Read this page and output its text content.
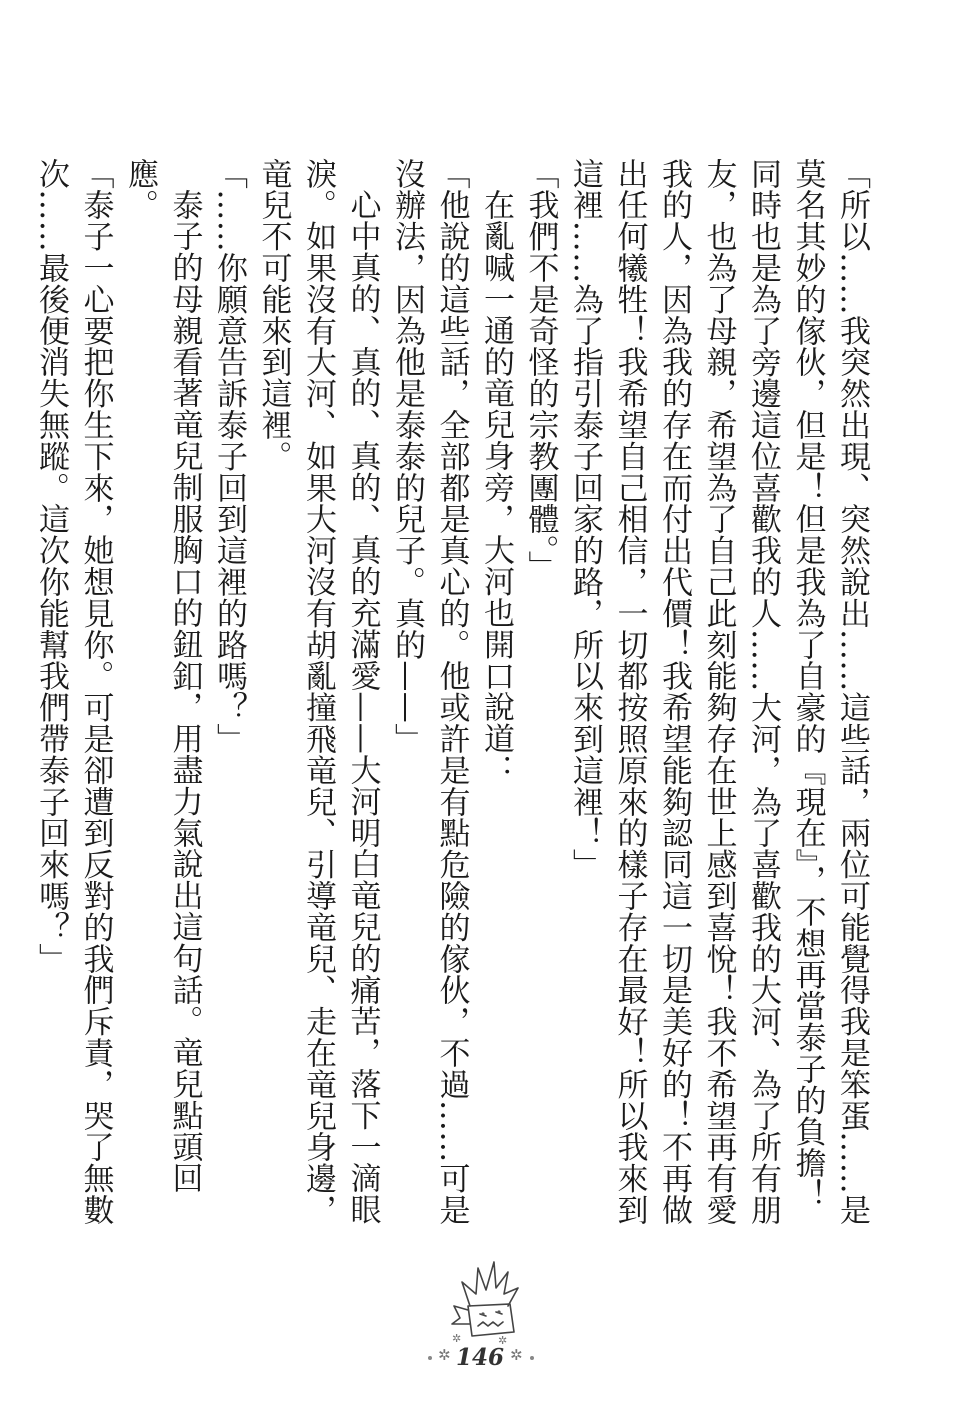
「所以……我突然出現、突然說出……這些話，兩位可能覺得我是笨蛋……是莫名其妙的傢伙，但是！但是我為了自豪的『現在』，不想再當泰子的負擔！同時也是為了旁邊這位喜歡我的人……大河，為了喜歡我的大河、為了所有朋友，也為了母親，希望為了自己此刻能夠存在世上感到喜悅！我不希望再有愛我的人，因為我的存在而付出代價！我希望能夠認同這一切是美好的！不再做出任何犧牲！我希望自己相信，一切都按照原來的樣子存在最好！所以我來到這裡……為了指引泰子回家的路，所以來到這裡！」

「我們不是奇怪的宗教團體。」

在亂喊一通的竜兒身旁，大河也開口說道：

「他說的這些話，全部都是真心的。他或許是有點危險的傢伙，不過……可是沒辦法，因為他是泰泰的兒子。真的——」

心中真的、真的、真的、真的充滿愛——大河明白竜兒的痛苦，落下一滴眼淚。如果沒有大河、如果大河沒有胡亂撞飛竜兒、引導竜兒、走在竜兒身邊，竜兒不可能來到這裡。

「……你願意告訴泰子回到這裡的路嗎？」

泰子的母親看著竜兒制服胸口的鈕釦，用盡力氣說出這句話。竜兒點頭回應。

「泰子一心要把你生下來，她想見你。可是卻遭到反對的我們斥責，哭了無數次……最後便消失無蹤。這次你能幫我們帶泰子回來嗎？」

✲	✲
✲	✲
146
